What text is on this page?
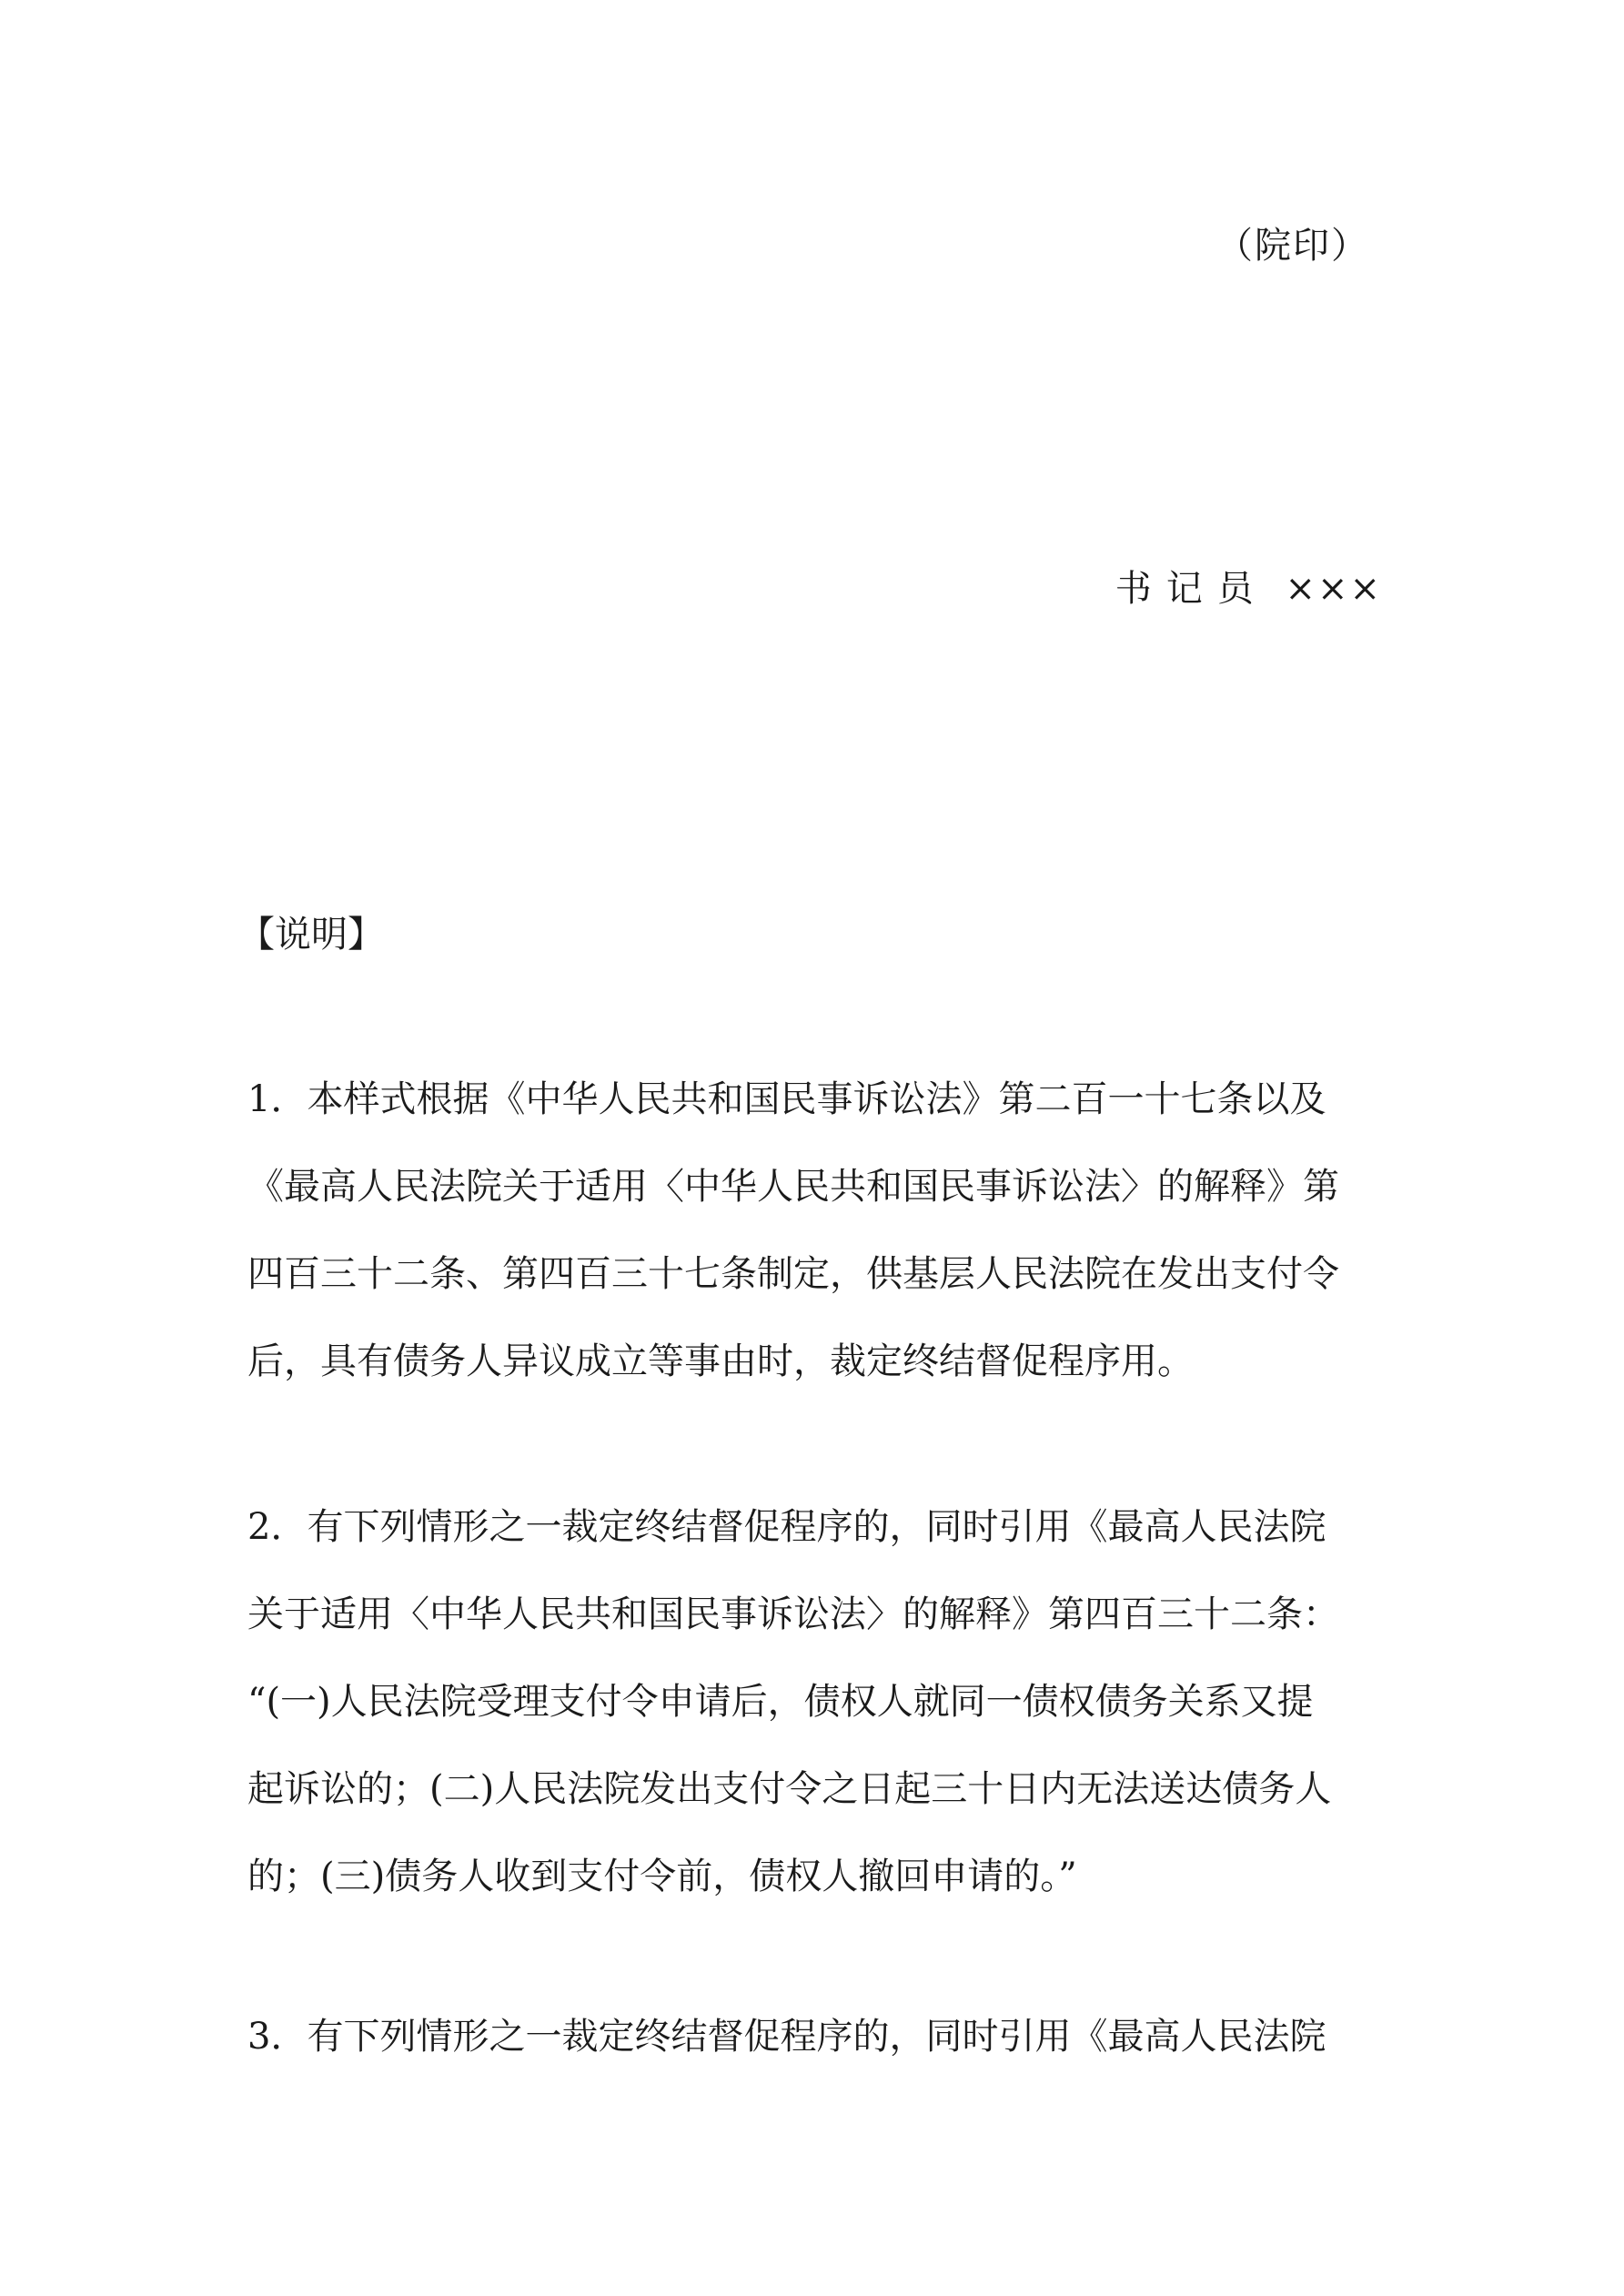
（院印）
书记员 ×××
【说明】
1．本样式根据《中华人民共和国民事诉讼法》第二百一十七条以及
《最高人民法院关于适用〈中华人民共和国民事诉讼法〉的解释》第
四百三十二条、第四百三十七条制定，供基层人民法院在发出支付令
后，具有债务人异议成立等事由时，裁定终结督促程序用。
2．有下列情形之一裁定终结督促程序的，同时引用《最高人民法院
关于适用〈中华人民共和国民事诉讼法〉的解释》第四百三十二条：
“(一)人民法院受理支付令申请后，债权人就同一债权债务关系又提
起诉讼的；(二)人民法院发出支付令之日起三十日内无法送达债务人
的；(三)债务人收到支付令前，债权人撤回申请的。”
3．有下列情形之一裁定终结督促程序的，同时引用《最高人民法院
